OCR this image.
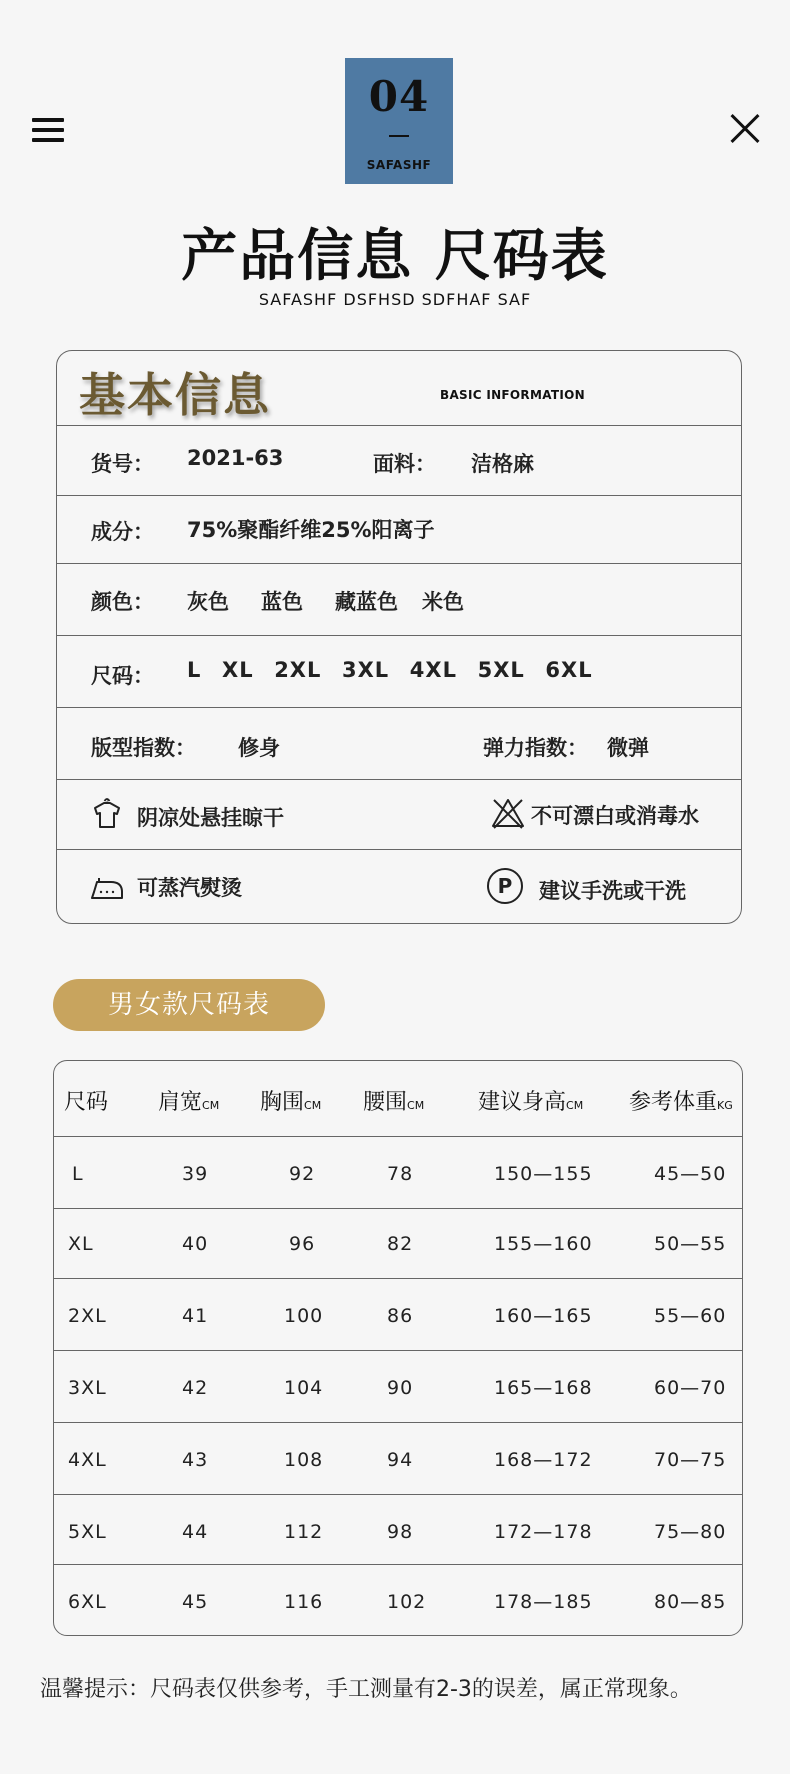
04
SAFASHF
产品信息 尺码表
SAFASHF DSFHSD SDFHAF SAF
基本信息	BASIC INFORMATION
货号： 2021-63	面料： 洁格麻
成分： 75%聚酯纤维25%阳离子
颜色： 灰色 蓝色 藏蓝色 米色
尺码： L  XL  2XL  3XL  4XL  5XL  6XL
版型指数： 修身	弹力指数： 微弹
?
阴凉处悬挂晾干	不可漂白或消毒水
可蒸汽熨烫	P	建议手洗或干洗
男女款尺码表
尺码 肩宽CM 胸围CM 腰围CM 建议身高CM 参考体重KG
L	39	92	78	150—155	45—50
XL	40	96	82	155—160	50—55
2XL	41	100	86	160—165	55—60
3XL	42	104	90	165—168	60—70
4XL	43	108	94	168—172	70—75
5XL	44	112	98	172—178	75—80
6XL	45	116	102	178—185	80—85
温馨提示：尺码表仅供参考，手工测量有2-3的误差，属正常现象。
